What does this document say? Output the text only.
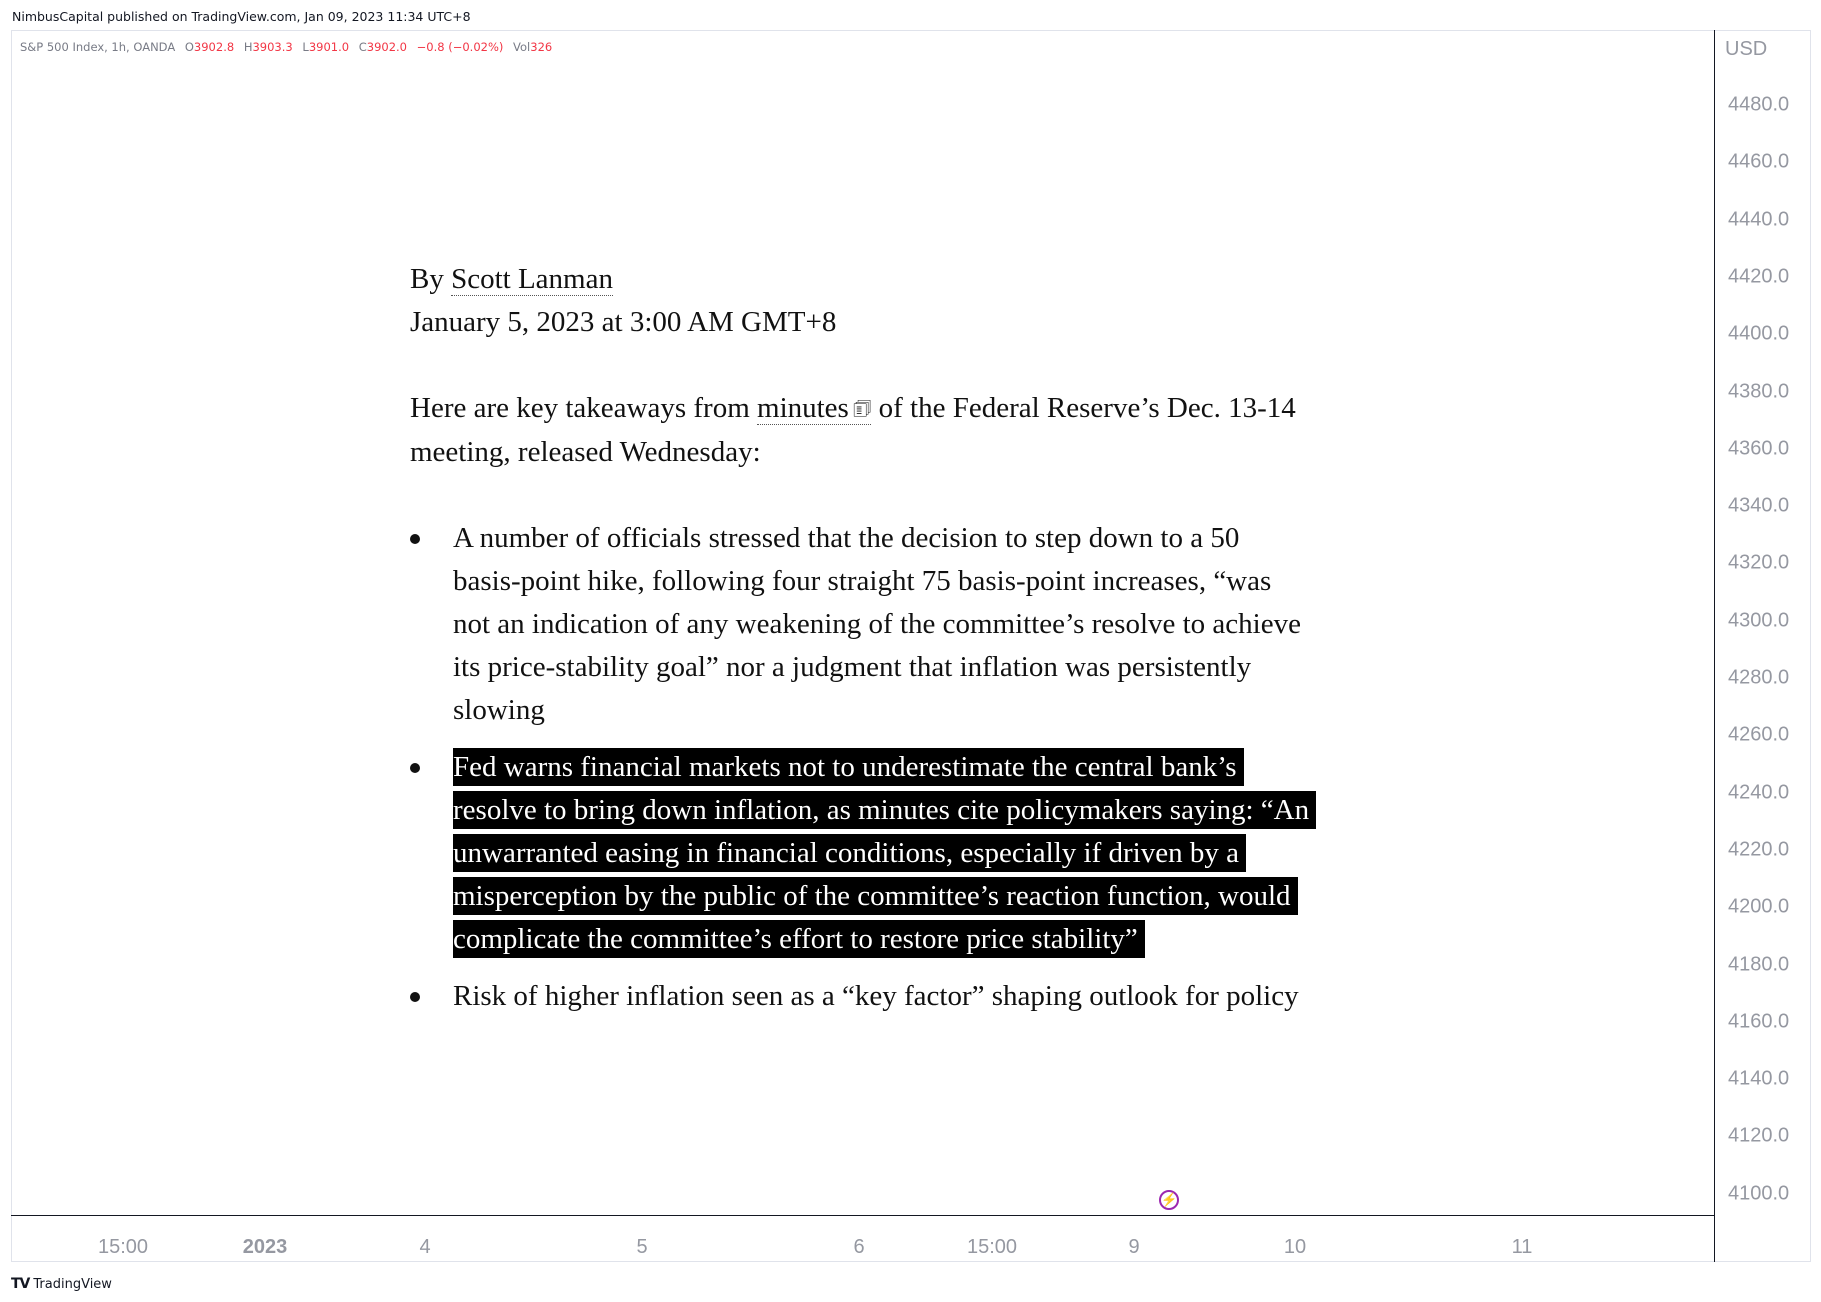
NimbusCapital published on TradingView.com, Jan 09, 2023 11:34 UTC+8
S&P 500 Index, 1h, OANDA O3902.8 H3903.3 L3901.0 C3902.0 −0.8 (−0.02%) Vol326	USD
4480.0
4460.0
4440.0
4420.0
4400.0
4380.0
4360.0
4340.0
4320.0
4300.0
4280.0
4260.0
4240.0
4220.0
4200.0
4180.0
4160.0
4140.0
4120.0
4100.0
15:00	2023	4	5	6	15:00	9	10	11
⚡
By Scott Lanman
January 5, 2023 at 3:00 AM GMT+8
Here are key takeaways from minutes 🗊 of the Federal Reserve’s Dec. 13-14 meeting, released Wednesday:
A number of officials stressed that the decision to step down to a 50 basis-point hike, following four straight 75 basis-point increases, “was not an indication of any weakening of the committee’s resolve to achieve its price-stability goal” nor a judgment that inflation was persistently slowing
Fed warns financial markets not to underestimate the central bank’s resolve to bring down inflation, as minutes cite policymakers saying: “An unwarranted easing in financial conditions, especially if driven by a misperception by the public of the committee’s reaction function, would complicate the committee’s effort to restore price stability”
Risk of higher inflation seen as a “key factor” shaping outlook for policy
TV TradingView
